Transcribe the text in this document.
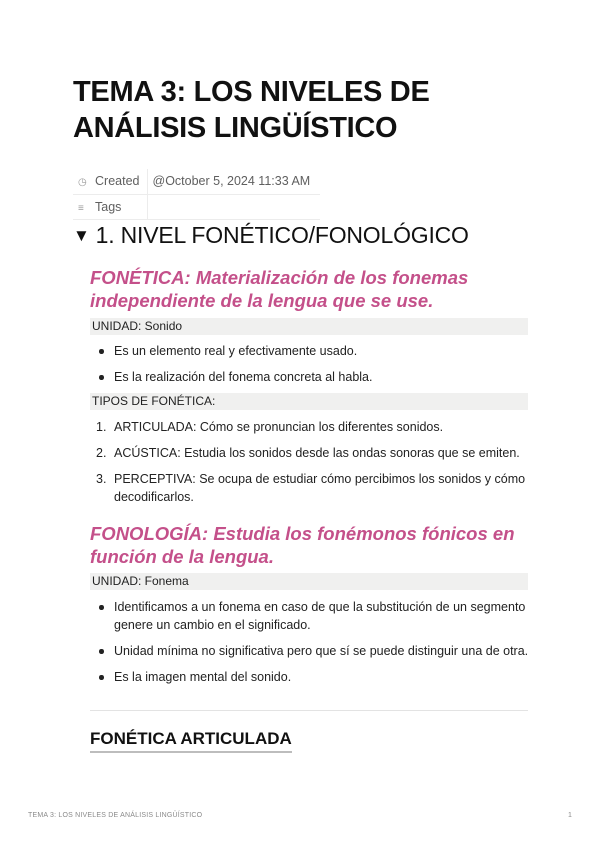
TEMA 3: LOS NIVELES DE ANÁLISIS LINGÜÍSTICO
◷ Created	@October 5, 2024 11:33 AM
≡ Tags	
▼ 1. NIVEL FONÉTICO/FONOLÓGICO
FONÉTICA: Materialización de los fonemas independiente de la lengua que se use.
UNIDAD: Sonido
Es un elemento real y efectivamente usado.
Es la realización del fonema concreta al habla.
TIPOS DE FONÉTICA:
1. ARTICULADA: Cómo se pronuncian los diferentes sonidos.
2. ACÚSTICA: Estudia los sonidos desde las ondas sonoras que se emiten.
3. PERCEPTIVA: Se ocupa de estudiar cómo percibimos los sonidos y cómo decodificarlos.
FONOLOGÍA: Estudia los fonémonos fónicos en función de la lengua.
UNIDAD: Fonema
Identificamos a un fonema en caso de que la substitución de un segmento genere un cambio en el significado.
Unidad mínima no significativa pero que sí se puede distinguir una de otra.
Es la imagen mental del sonido.
FONÉTICA ARTICULADA
TEMA 3: LOS NIVELES DE ANÁLISIS LINGÜÍSTICO	1
